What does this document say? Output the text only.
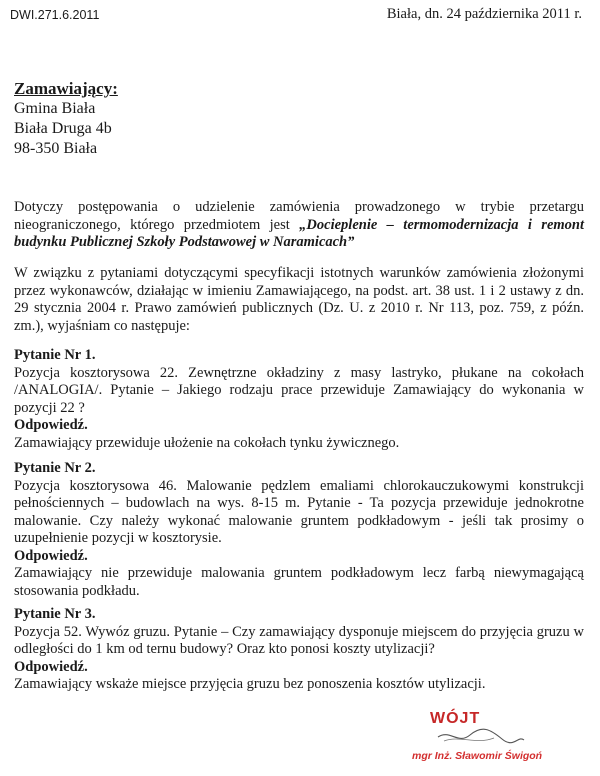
DWI.271.6.2011	Biała, dn. 24 października 2011 r.
Zamawiający:
Gmina Biała
Biała Druga 4b
98-350 Biała
Dotyczy postępowania o udzielenie zamówienia prowadzonego w trybie przetargu nieograniczonego, którego przedmiotem jest „Docieplenie – termomodernizacja i remont budynku Publicznej Szkoły Podstawowej w Naramicach”
W związku z pytaniami dotyczącymi specyfikacji istotnych warunków zamówienia złożonymi przez wykonawców, działając w imieniu Zamawiającego, na podst. art. 38 ust. 1 i 2 ustawy z dn. 29 stycznia 2004 r. Prawo zamówień publicznych (Dz. U. z 2010 r. Nr 113, poz. 759, z późn. zm.), wyjaśniam co następuje:
Pytanie Nr 1.
Pozycja kosztorysowa 22. Zewnętrzne okładziny z masy lastryko, płukane na cokołach /ANALOGIA/. Pytanie – Jakiego rodzaju prace przewiduje Zamawiający do wykonania w pozycji 22 ?
Odpowiedź.
Zamawiający przewiduje ułożenie na cokołach tynku żywicznego.
Pytanie Nr 2.
Pozycja kosztorysowa 46. Malowanie pędzlem emaliami chlorokauczukowymi konstrukcji pełnościennych – budowlach na wys. 8-15 m. Pytanie - Ta pozycja przewiduje jednokrotne malowanie. Czy należy wykonać malowanie gruntem podkładowym - jeśli tak prosimy o uzupełnienie pozycji w kosztorysie.
Odpowiedź.
Zamawiający nie przewiduje malowania gruntem podkładowym lecz farbą niewymagającą stosowania podkładu.
Pytanie Nr 3.
Pozycja 52. Wywóz gruzu. Pytanie – Czy zamawiający dysponuje miejscem do przyjęcia gruzu w odległości do 1 km od ternu budowy? Oraz kto ponosi koszty utylizacji?
Odpowiedź.
Zamawiający wskaże miejsce przyjęcia gruzu bez ponoszenia kosztów utylizacji.
WÓJT
mgr Inż. Sławomir Świgoń
